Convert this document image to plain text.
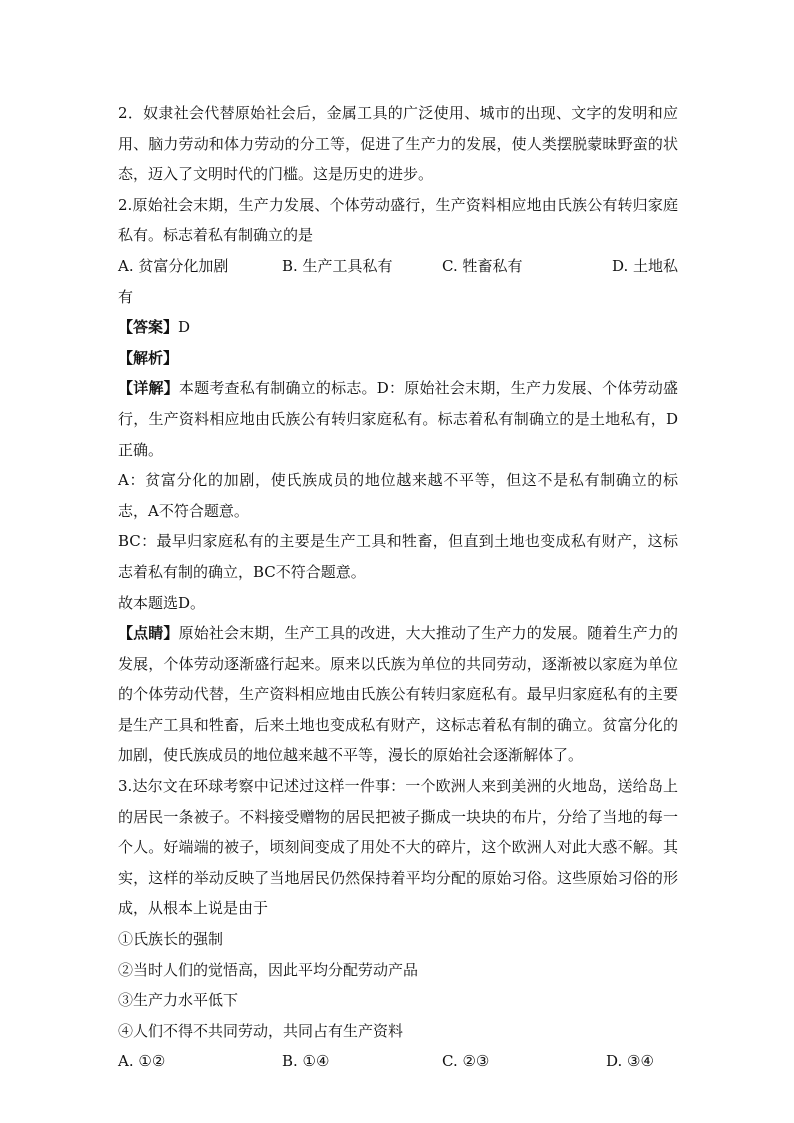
2．奴隶社会代替原始社会后，金属工具的广泛使用、城市的出现、文字的发明和应用、脑力劳动和体力劳动的分工等，促进了生产力的发展，使人类摆脱蒙昧野蛮的状态，迈入了文明时代的门槛。这是历史的进步。

2.原始社会末期，生产力发展、个体劳动盛行，生产资料相应地由氏族公有转归家庭私有。标志着私有制确立的是

A. 贫富分化加剧	B. 生产工具私有	C. 牲畜私有	D. 土地私

有

【答案】D

【解析】

【详解】本题考查私有制确立的标志。D：原始社会末期，生产力发展、个体劳动盛行，生产资料相应地由氏族公有转归家庭私有。标志着私有制确立的是土地私有，D正确。

A：贫富分化的加剧，使氏族成员的地位越来越不平等，但这不是私有制确立的标志，A不符合题意。

BC：最早归家庭私有的主要是生产工具和牲畜，但直到土地也变成私有财产，这标志着私有制的确立，BC不符合题意。

故本题选D。

【点睛】原始社会末期，生产工具的改进，大大推动了生产力的发展。随着生产力的发展，个体劳动逐渐盛行起来。原来以氏族为单位的共同劳动，逐渐被以家庭为单位的个体劳动代替，生产资料相应地由氏族公有转归家庭私有。最早归家庭私有的主要是生产工具和牲畜，后来土地也变成私有财产，这标志着私有制的确立。贫富分化的加剧，使氏族成员的地位越来越不平等，漫长的原始社会逐渐解体了。

3.达尔文在环球考察中记述过这样一件事：一个欧洲人来到美洲的火地岛，送给岛上的居民一条被子。不料接受赠物的居民把被子撕成一块块的布片，分给了当地的每一个人。好端端的被子，顷刻间变成了用处不大的碎片，这个欧洲人对此大惑不解。其实，这样的举动反映了当地居民仍然保持着平均分配的原始习俗。这些原始习俗的形成，从根本上说是由于

①氏族长的强制

②当时人们的觉悟高，因此平均分配劳动产品

③生产力水平低下

④人们不得不共同劳动，共同占有生产资料

A. ①②	B. ①④	C. ②③	D. ③④
